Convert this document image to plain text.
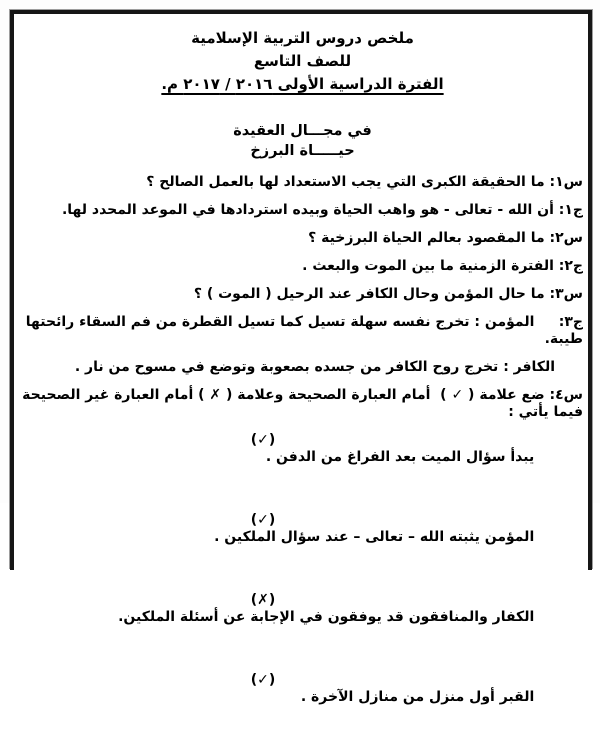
ملخص دروس التربية الإسلامية
للصف التاسع
الفترة الدراسية الأولى ٢٠١٦ / ٢٠١٧ م.
في مجـــال العقيدة
حيـــــاة البرزخ
س١: ما الحقيقة الكبرى التي يجب الاستعداد لها بالعمل الصالح ؟
ج١: أن الله - تعالى - هو واهب الحياة وبيده استردادها في الموعد المحدد لها.
س٢: ما المقصود بعالم الحياة البرزخية ؟
ج٢: الفترة الزمنية ما بين الموت والبعث .
س٣: ما حال المؤمن وحال الكافر عند الرحيل ( الموت ) ؟
ج٣:     المؤمن : تخرج نفسه سهلة تسيل كما تسيل القطرة من فم السقاء رائحتها طيبة.
الكافر : تخرج روح الكافر من جسده بصعوبة وتوضع في مسوح من نار .
س٤: ضع علامة ( ✓ )  أمام العبارة الصحيحة وعلامة ( ✗ ) أمام العبارة غير الصحيحة فيما يأتي :

يبدأ سؤال الميت بعد الفراغ من الدفن .

(✓)

المؤمن يثبته الله – تعالى – عند سؤال الملكين .

(✓)

الكفار والمنافقون قد يوفقون في الإجابة عن أسئلة الملكين.

(✗)

القبر أول منزل من منازل الآخرة .

(✓)
